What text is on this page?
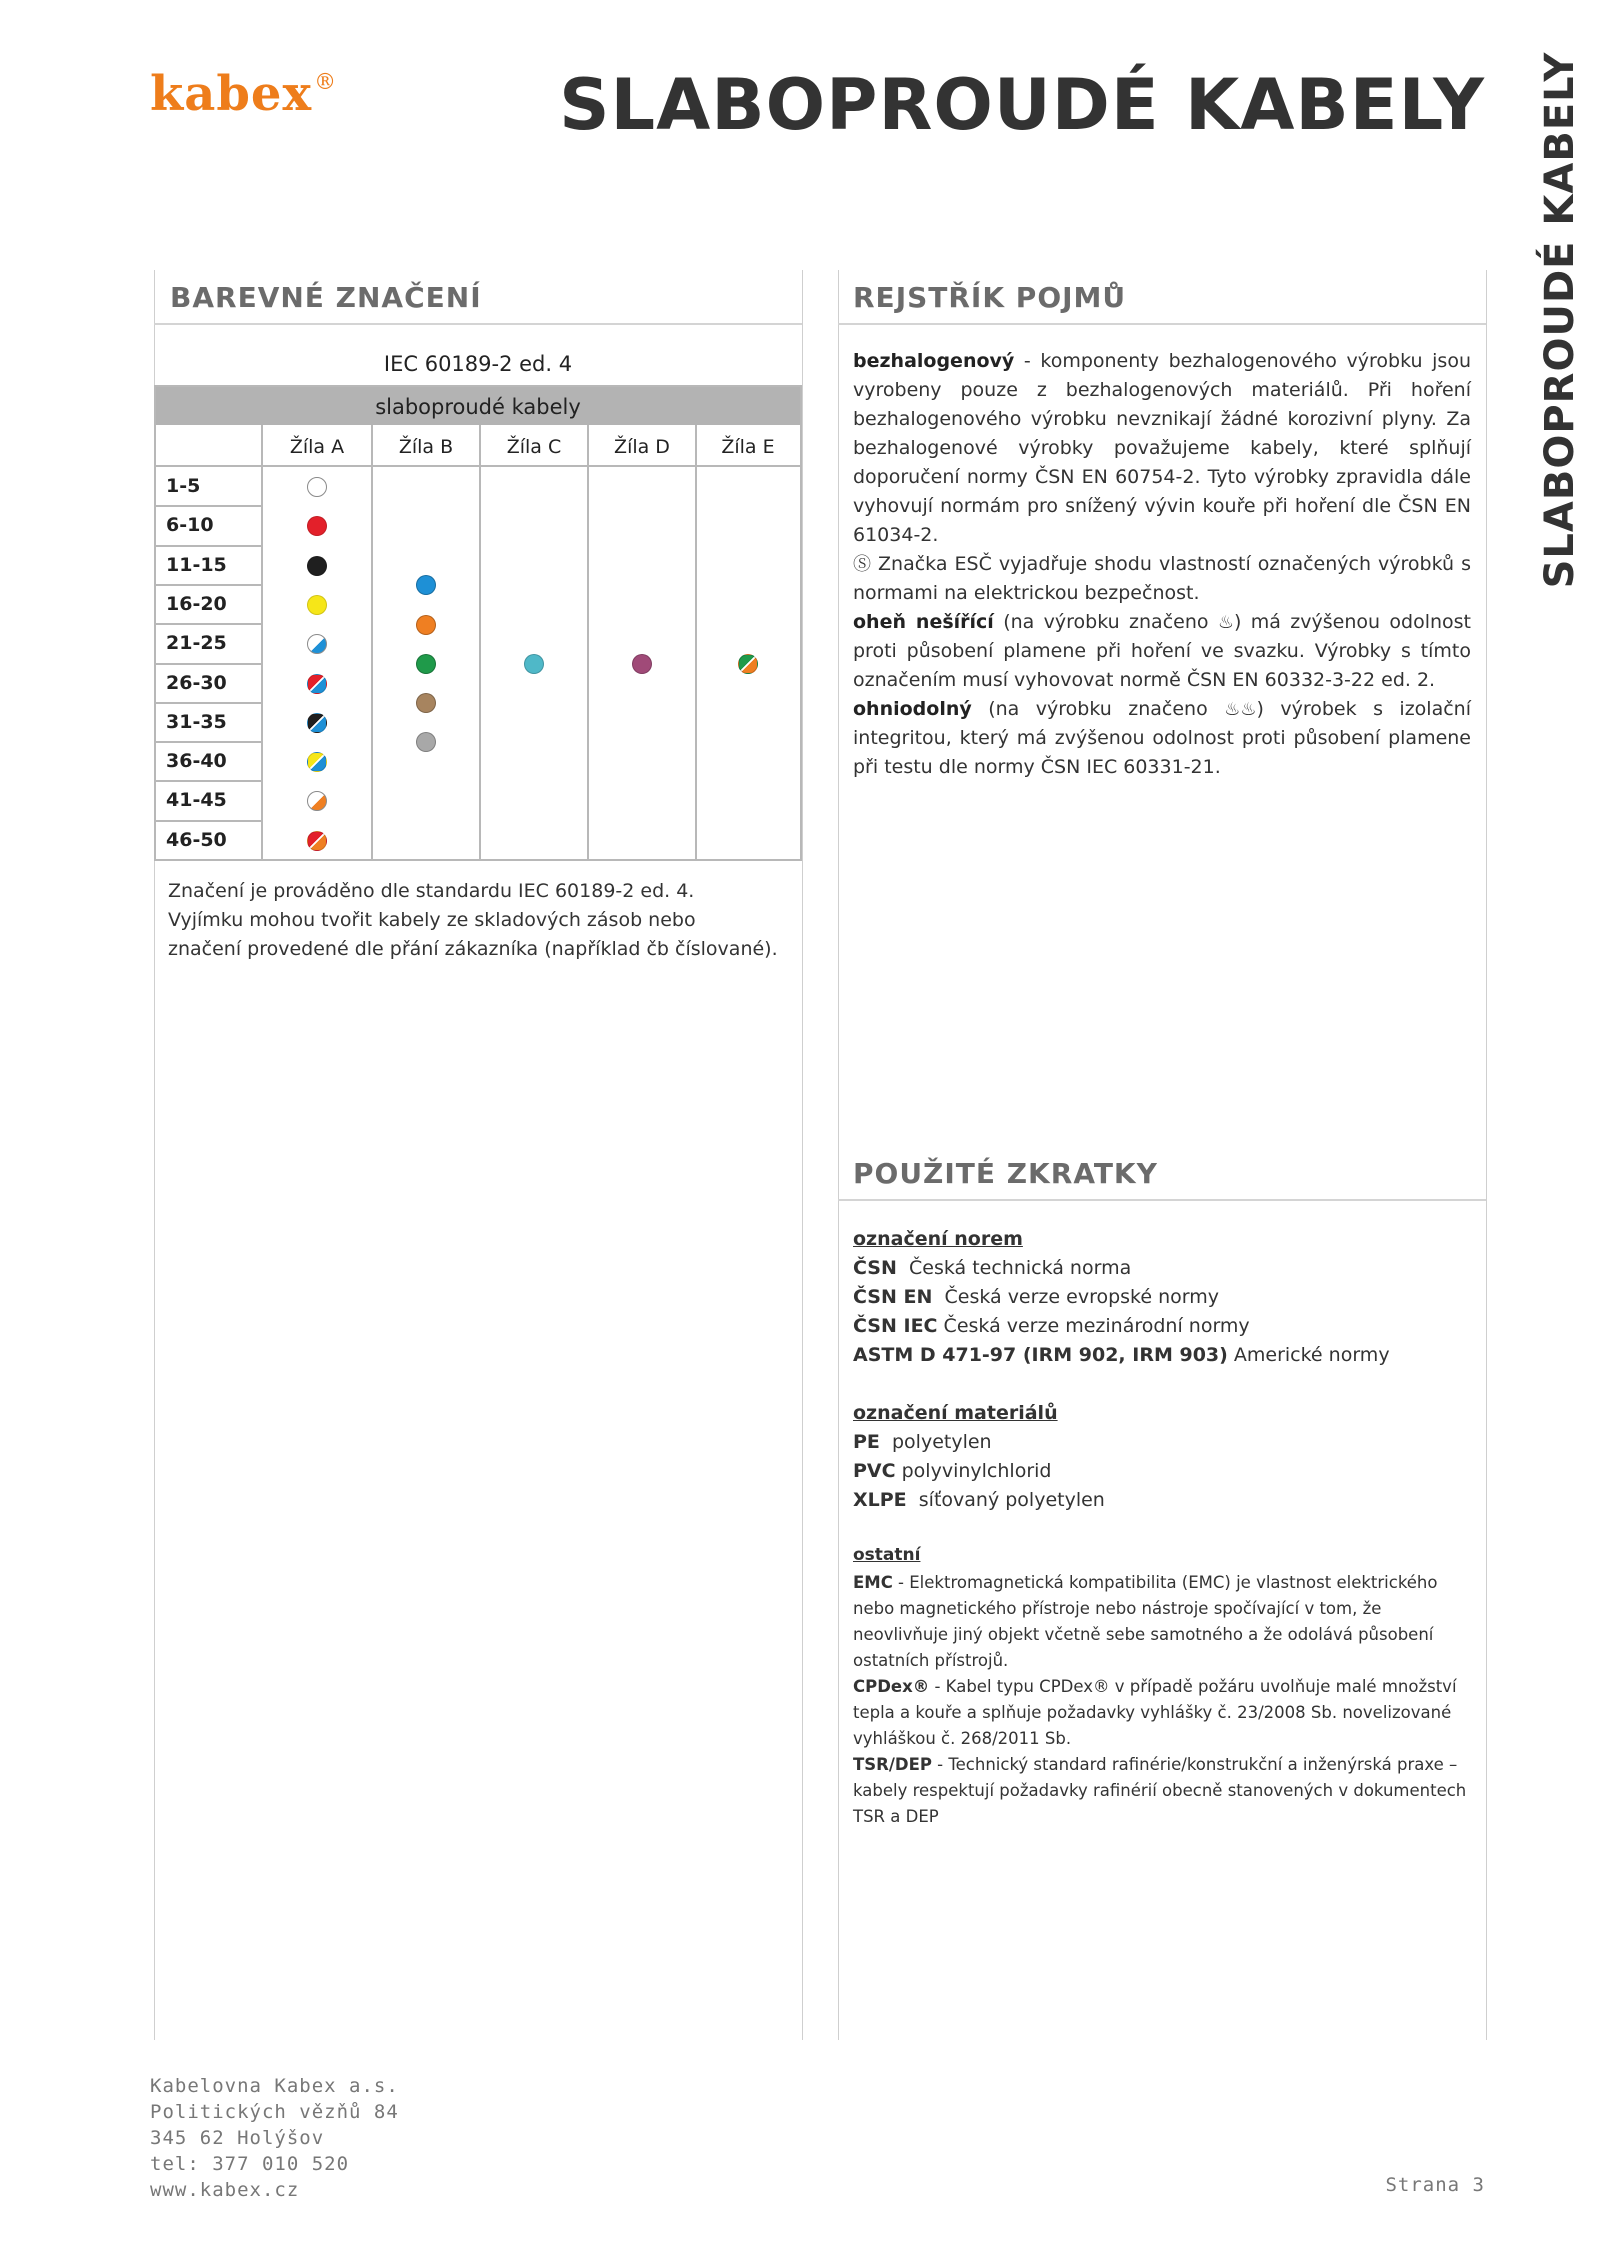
kabex®	SLABOPROUDÉ KABELY SLABOPROUDÉ KABELY
BAREVNÉ ZNAČENÍ
IEC 60189-2 ed. 4
slaboproudé kabely
Žíla A	Žíla B	Žíla C	Žíla D	Žíla E
1-5
6-10
11-15
16-20
21-25
26-30
31-35
36-40
41-45
46-50
Značení je prováděno dle standardu IEC 60189-2 ed. 4.
Vyjímku mohou tvořit kabely ze skladových zásob nebo
značení provedené dle přání zákazníka (například čb číslované).
REJSTŘÍK POJMŮ
bezhalogenový - komponenty bezhalogenového výrobku jsou vyrobeny pouze z bezhalogenových materiálů. Při hoření bezhalogenového výrobku nevznikají žádné korozivní plyny. Za bezhalogenové výrobky považujeme kabely, které splňují doporučení normy ČSN EN 60754-2. Tyto výrobky zpravidla dále vyhovují normám pro snížený vývin kouře při hoření dle ČSN EN 61034-2.
Ⓢ Značka ESČ vyjadřuje shodu vlastností označených výrobků s normami na elektrickou bezpečnost.
oheň nešířící (na výrobku značeno ♨) má zvýšenou odolnost proti působení plamene při hoření ve svazku. Výrobky s tímto označením musí vyhovovat normě ČSN EN 60332-3-22 ed. 2.
ohniodolný (na výrobku značeno ♨♨) výrobek s izolační integritou, který má zvýšenou odolnost proti působení plamene při testu dle normy ČSN IEC 60331-21.
POUŽITÉ ZKRATKY
označení norem
ČSN Česká technická norma
ČSN EN Česká verze evropské normy
ČSN IEC Česká verze mezinárodní normy
ASTM D 471-97 (IRM 902, IRM 903) Americké normy
označení materiálů
PE polyetylen
PVC polyvinylchlorid
XLPE síťovaný polyetylen
ostatní
EMC - Elektromagnetická kompatibilita (EMC) je vlastnost elektrického nebo magnetického přístroje nebo nástroje spočívající v tom, že neovlivňuje jiný objekt včetně sebe samotného a že odolává působení ostatních přístrojů.
CPDex® - Kabel typu CPDex® v případě požáru uvolňuje malé množství tepla a kouře a splňuje požadavky vyhlášky č. 23/2008 Sb. novelizované vyhláškou č. 268/2011 Sb.
TSR/DEP - Technický standard rafinérie/konstrukční a inženýrská praxe – kabely respektují požadavky rafinérií obecně stanovených v dokumentech TSR a DEP
Kabelovna Kabex a.s.
Politických vězňů 84
345 62 Holýšov
tel: 377 010 520
www.kabex.cz	Strana 3
